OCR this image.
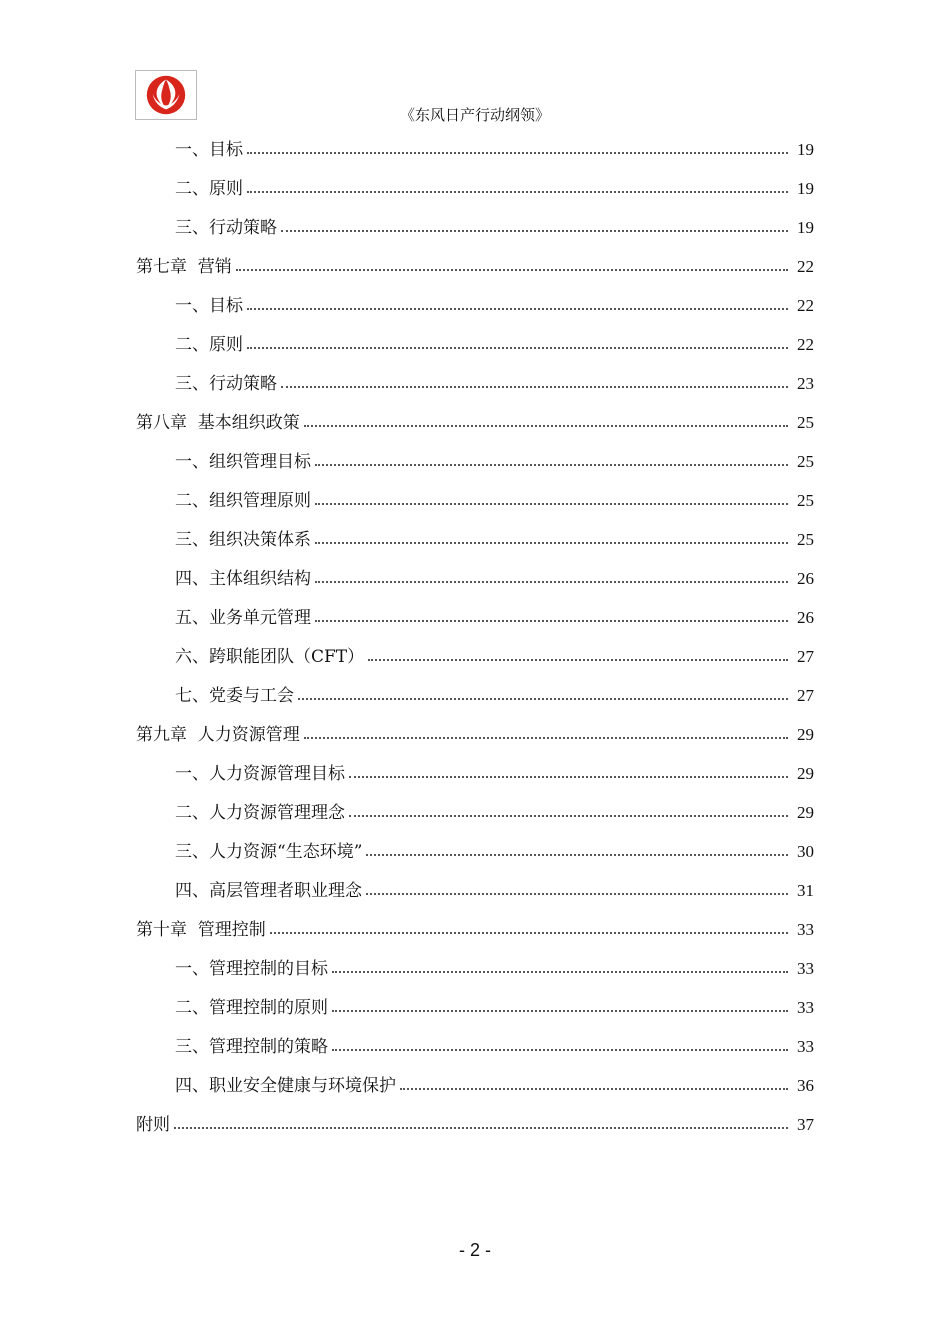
《东风日产行动纲领》
一、目标	19
二、原则	19
三、行动策略	19
第七章  营销	22
一、目标	22
二、原则	22
三、行动策略	23
第八章  基本组织政策	25
一、组织管理目标	25
二、组织管理原则	25
三、组织决策体系	25
四、主体组织结构	26
五、业务单元管理	26
六、跨职能团队（CFT）	27
七、党委与工会	27
第九章  人力资源管理	29
一、人力资源管理目标	29
二、人力资源管理理念	29
三、人力资源“生态环境”	30
四、高层管理者职业理念	31
第十章  管理控制	33
一、管理控制的目标	33
二、管理控制的原则	33
三、管理控制的策略	33
四、职业安全健康与环境保护	36
附则	37
- 2 -
